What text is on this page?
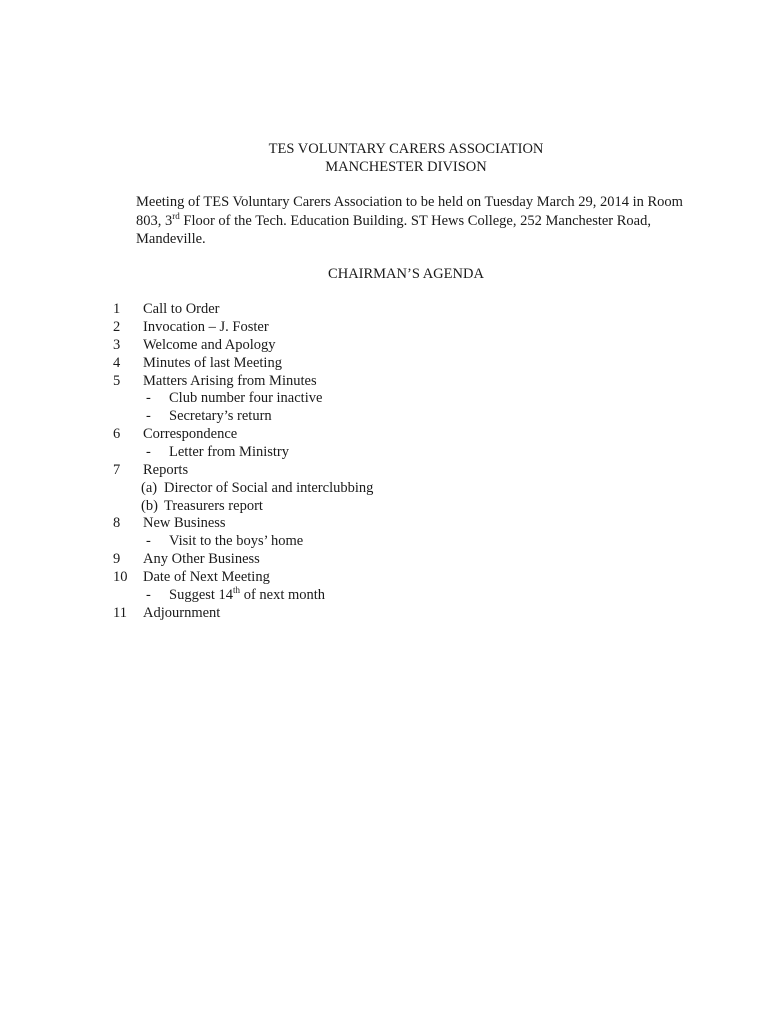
TES VOLUNTARY CARERS ASSOCIATION
MANCHESTER DIVISON
Meeting of TES Voluntary Carers Association to be held on Tuesday March 29, 2014 in Room 803, 3rd Floor of the Tech. Education Building. ST Hews College, 252 Manchester Road, Mandeville.
CHAIRMAN’S AGENDA
1 Call to Order
2 Invocation – J. Foster
3 Welcome and Apology
4 Minutes of last Meeting
5 Matters Arising from Minutes
- Club number four inactive
- Secretary’s return
6 Correspondence
- Letter from Ministry
7 Reports
(a) Director of Social and interclubbing
(b) Treasurers report
8 New Business
- Visit to the boys’ home
9 Any Other Business
10 Date of Next Meeting
- Suggest 14th of next month
11 Adjournment
